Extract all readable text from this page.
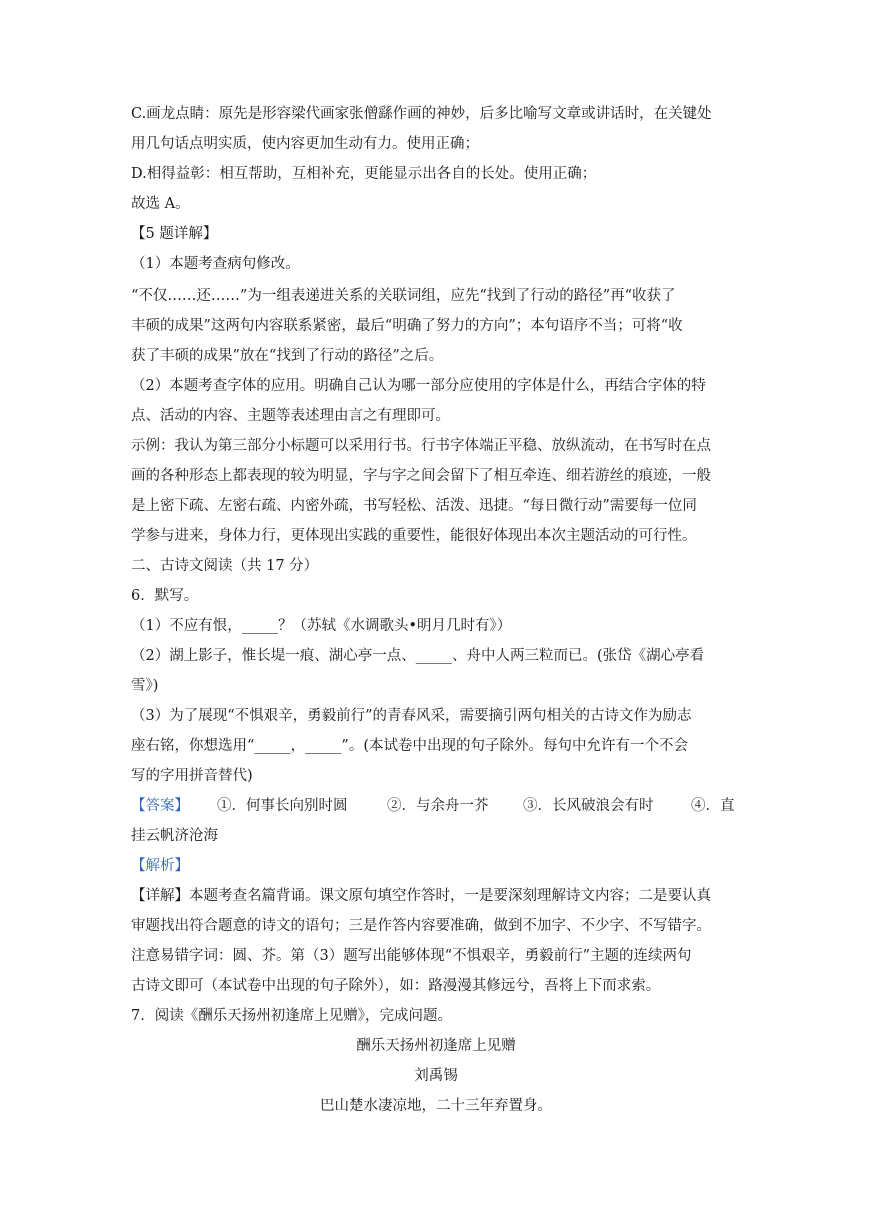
C.画龙点睛：原先是形容梁代画家张僧繇作画的神妙，后多比喻写文章或讲话时，在关键处
用几句话点明实质，使内容更加生动有力。使用正确；
D.相得益彰：相互帮助，互相补充，更能显示出各自的长处。使用正确；
故选 A。
【5 题详解】
（1）本题考查病句修改。
“不仅……还……”为一组表递进关系的关联词组，应先“找到了行动的路径”再“收获了
丰硕的成果”这两句内容联系紧密，最后“明确了努力的方向”；本句语序不当；可将“收
获了丰硕的成果”放在“找到了行动的路径”之后。
（2）本题考查字体的应用。明确自己认为哪一部分应使用的字体是什么，再结合字体的特
点、活动的内容、主题等表述理由言之有理即可。
示例：我认为第三部分小标题可以采用行书。行书字体端正平稳、放纵流动，在书写时在点
画的各种形态上都表现的较为明显，字与字之间会留下了相互牵连、细若游丝的痕迹，一般
是上密下疏、左密右疏、内密外疏，书写轻松、活泼、迅捷。“每日微行动”需要每一位同
学参与进来，身体力行，更体现出实践的重要性，能很好体现出本次主题活动的可行性。
二、古诗文阅读（共 17 分）
6．默写。
（1）不应有恨，_____？（苏轼《水调歌头•明月几时有》）
（2）湖上影子，惟长堤一痕、湖心亭一点、_____、舟中人两三粒而已。(张岱《湖心亭看
雪》)
（3）为了展现“不惧艰辛，勇毅前行”的青春风采，需要摘引两句相关的古诗文作为励志
座右铭，你想选用“_____，_____”。(本试卷中出现的句子除外。每句中允许有一个不会
写的字用拼音替代)
【答案】 ①．何事长向别时圆	②．与余舟一芥 ③．长风破浪会有时	④．直
挂云帆济沧海
【解析】
【详解】本题考查名篇背诵。课文原句填空作答时，一是要深刻理解诗文内容；二是要认真
审题找出符合题意的诗文的语句；三是作答内容要准确，做到不加字、不少字、不写错字。
注意易错字词：圆、芥。第（3）题写出能够体现“不惧艰辛，勇毅前行”主题的连续两句
古诗文即可（本试卷中出现的句子除外），如：路漫漫其修远兮，吾将上下而求索。
7．阅读《酬乐天扬州初逢席上见赠》，完成问题。
酬乐天扬州初逢席上见赠
刘禹锡
巴山楚水凄凉地，二十三年弃置身。
